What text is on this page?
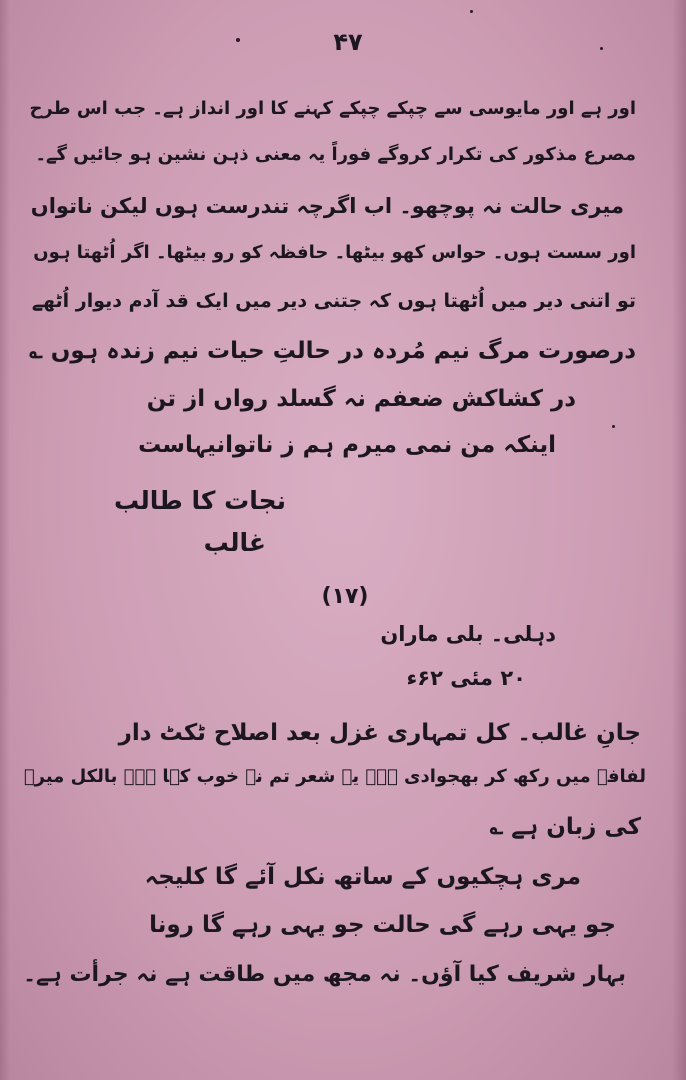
۴۷
اور ہے اور مایوسی سے چپکے چپکے کہنے کا اور انداز ہے۔ جب اس طرح
مصرع مذکور کی تکرار کروگے فوراً یہ معنی ذہن نشین ہو جائیں گے۔
میری حالت نہ پوچھو۔ اب اگرچہ تندرست ہوں لیکن ناتواں
اور سست ہوں۔ حواس کھو بیٹھا۔ حافظہ کو رو بیٹھا۔ اگر اُٹھتا ہوں
تو اتنی دیر میں اُٹھتا ہوں کہ جتنی دیر میں ایک قد آدم دیوار اُٹھے
درصورت مرگ نیم مُردہ در حالتِ حیات نیم زندہ ہوں ؎
در کشاکش ضعفم نہ گسلد رواں از تن
اینکہ من نمی میرم ہم ز ناتوانیہاست
نجات کا طالب
غالب
(۱۷)
دہلی۔ بلی ماران
۲۰ مئی ۶۲ء
جانِ غالب۔ کل تمہاری غزل بعد اصلاح ٹکٹ دار
لفافہ میں رکھ کر بھجوادی ہے۔ یہ شعر تم نے خوب کہا ہے۔ بالکل میرؔ
کی زبان ہے ؎
مری ہچکیوں کے ساتھ نکل آئے گا کلیجہ
جو یہی رہے گی حالت جو یہی رہے گا رونا
بہار شریف کیا آؤں۔ نہ مجھ میں طاقت ہے نہ جرأت ہے۔
